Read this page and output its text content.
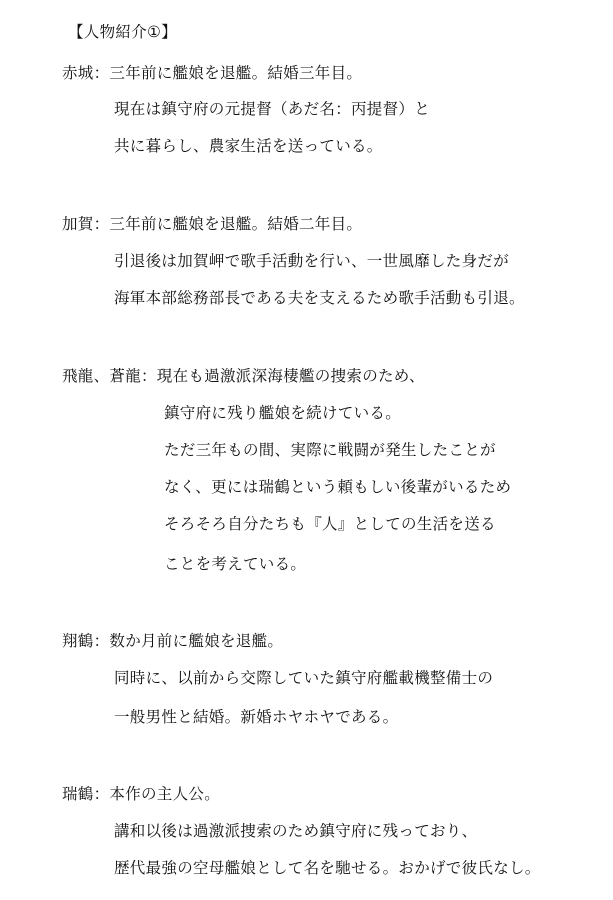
【人物紹介①】
赤城：三年前に艦娘を退艦。結婚三年目。
現在は鎮守府の元提督（あだ名：丙提督）と
共に暮らし、農家生活を送っている。
加賀：三年前に艦娘を退艦。結婚二年目。
引退後は加賀岬で歌手活動を行い、一世風靡した身だが
海軍本部総務部長である夫を支えるため歌手活動も引退。
飛龍、蒼龍：現在も過激派深海棲艦の捜索のため、
鎮守府に残り艦娘を続けている。
ただ三年もの間、実際に戦闘が発生したことが
なく、更には瑞鶴という頼もしい後輩がいるため
そろそろ自分たちも『人』としての生活を送る
ことを考えている。
翔鶴：数か月前に艦娘を退艦。
同時に、以前から交際していた鎮守府艦載機整備士の
一般男性と結婚。新婚ホヤホヤである。
瑞鶴：本作の主人公。
講和以後は過激派捜索のため鎮守府に残っており、
歴代最強の空母艦娘として名を馳せる。おかげで彼氏なし。
